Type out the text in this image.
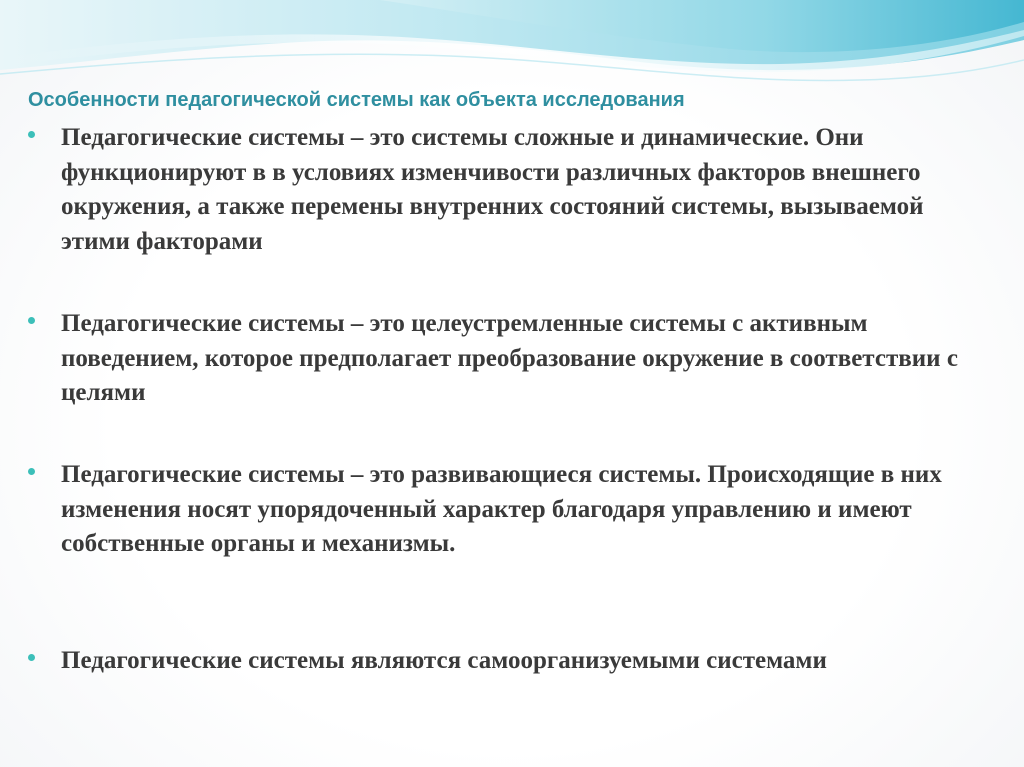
Особенности педагогической системы как объекта исследования
Педагогические системы – это системы сложные и динамические. Они функционируют в в условиях изменчивости различных факторов внешнего окружения, а также перемены внутренних состояний системы, вызываемой этими факторами
Педагогические системы – это целеустремленные системы с активным поведением, которое предполагает преобразование окружение в соответствии с целями
Педагогические системы – это развивающиеся системы. Происходящие в них изменения носят упорядоченный характер благодаря управлению и имеют собственные органы и механизмы.
Педагогические системы являются самоорганизуемыми системами
